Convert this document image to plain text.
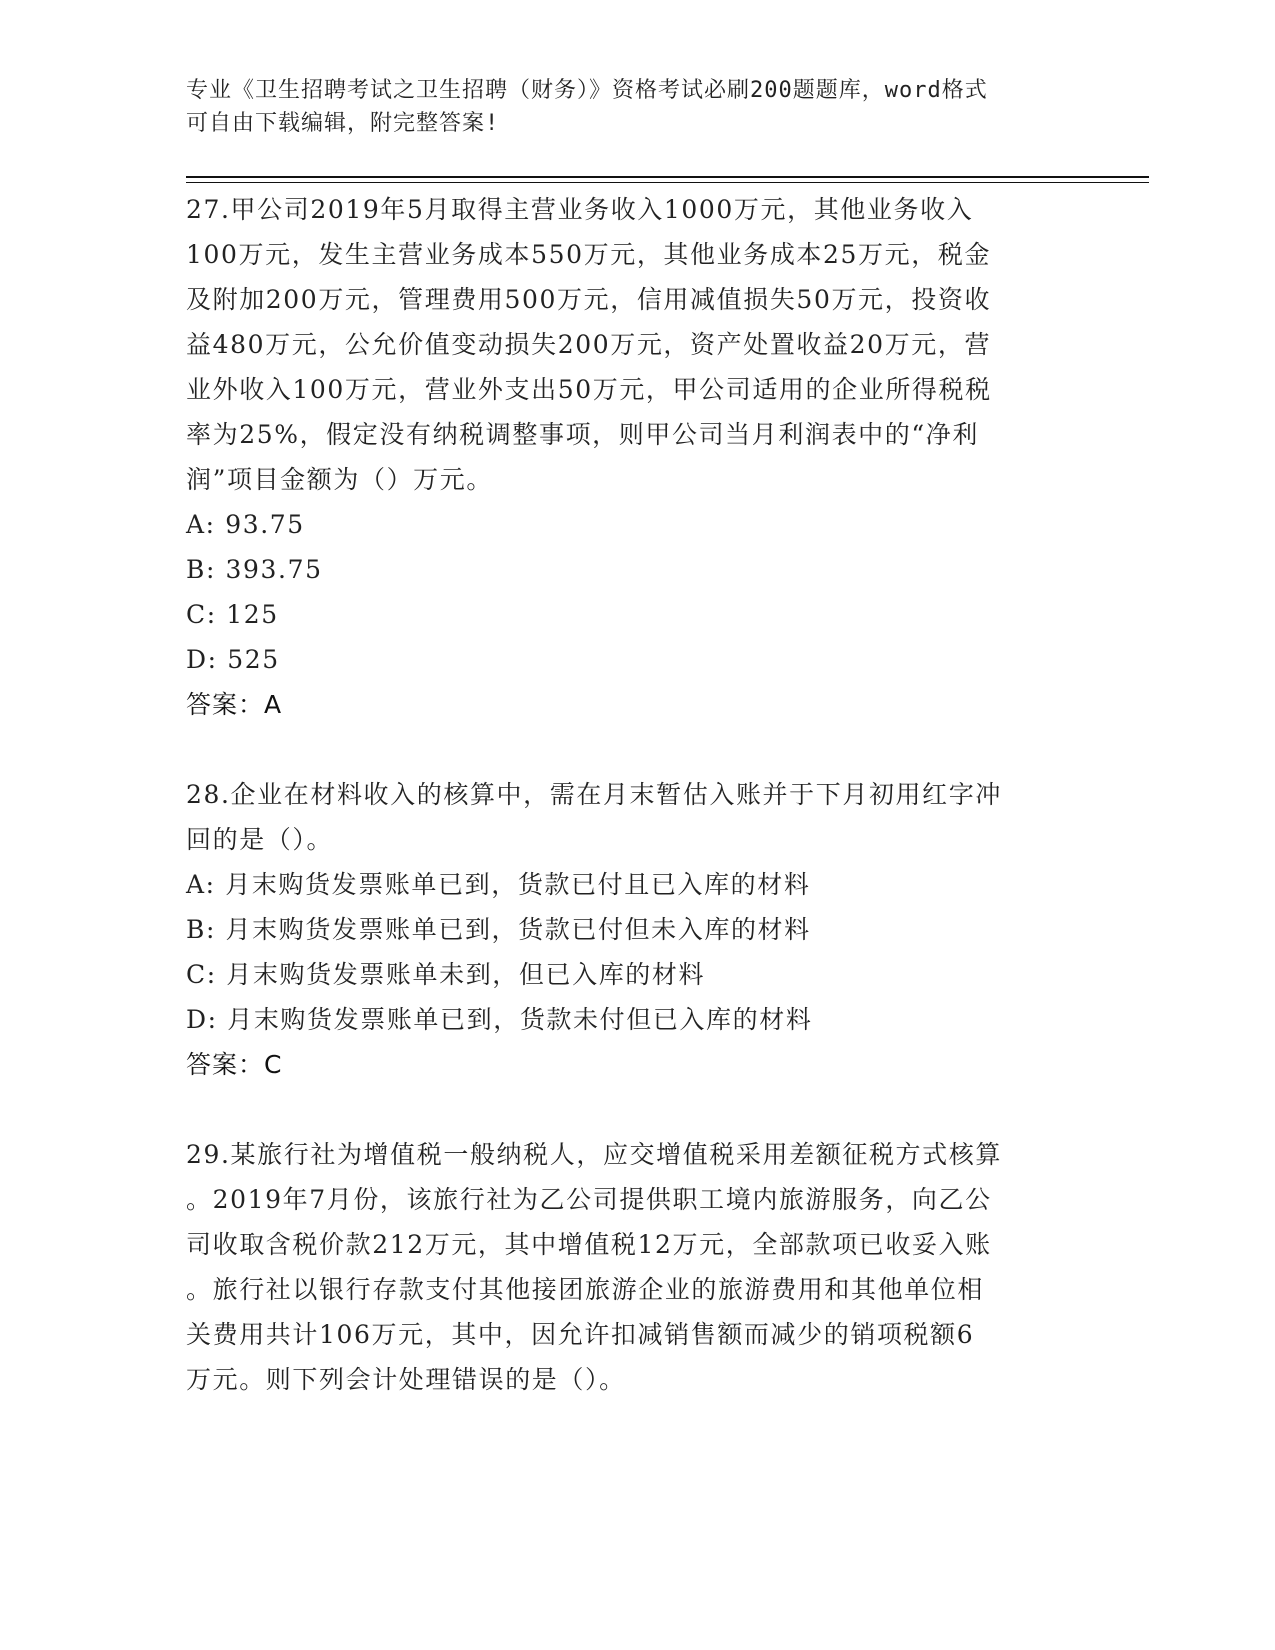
专业《卫生招聘考试之卫生招聘（财务）》资格考试必刷200题题库，word格式
可自由下载编辑，附完整答案!
27.甲公司2019年5月取得主营业务收入1000万元，其他业务收入
100万元，发生主营业务成本550万元，其他业务成本25万元，税金
及附加200万元，管理费用500万元，信用减值损失50万元，投资收
益480万元，公允价值变动损失200万元，资产处置收益20万元，营
业外收入100万元，营业外支出50万元，甲公司适用的企业所得税税
率为25%，假定没有纳税调整事项，则甲公司当月利润表中的“净利
润”项目金额为（）万元。
A: 93.75
B: 393.75
C: 125
D: 525
答案：A
28.企业在材料收入的核算中，需在月末暂估入账并于下月初用红字冲
回的是（）。
A: 月末购货发票账单已到，货款已付且已入库的材料
B: 月末购货发票账单已到，货款已付但未入库的材料
C: 月末购货发票账单未到，但已入库的材料
D: 月末购货发票账单已到，货款未付但已入库的材料
答案：C
29.某旅行社为增值税一般纳税人，应交增值税采用差额征税方式核算
。2019年7月份，该旅行社为乙公司提供职工境内旅游服务，向乙公
司收取含税价款212万元，其中增值税12万元，全部款项已收妥入账
。旅行社以银行存款支付其他接团旅游企业的旅游费用和其他单位相
关费用共计106万元，其中，因允许扣减销售额而减少的销项税额6
万元。则下列会计处理错误的是（）。
